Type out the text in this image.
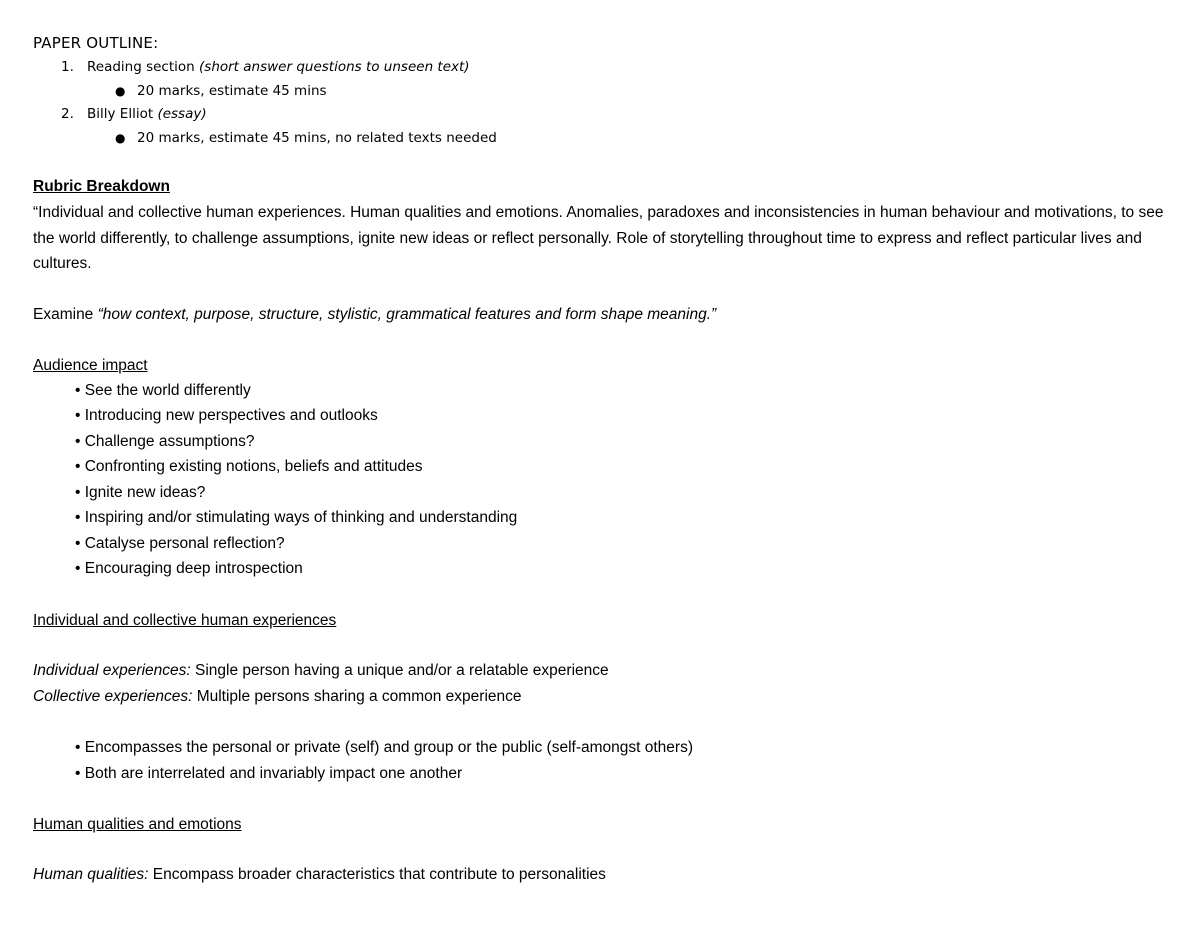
PAPER OUTLINE:
1. Reading section (short answer questions to unseen text)
● 20 marks, estimate 45 mins
2. Billy Elliot (essay)
● 20 marks, estimate 45 mins, no related texts needed
Rubric Breakdown
“Individual and collective human experiences. Human qualities and emotions. Anomalies, paradoxes and inconsistencies in human behaviour and motivations, to see the world differently, to challenge assumptions, ignite new ideas or reflect personally. Role of storytelling throughout time to express and reflect particular lives and cultures.
Examine “how context, purpose, structure, stylistic, grammatical features and form shape meaning.”
Audience impact
• See the world differently
• Introducing new perspectives and outlooks
• Challenge assumptions?
• Confronting existing notions, beliefs and attitudes
• Ignite new ideas?
• Inspiring and/or stimulating ways of thinking and understanding
• Catalyse personal reflection?
• Encouraging deep introspection
Individual and collective human experiences
Individual experiences: Single person having a unique and/or a relatable experience
Collective experiences: Multiple persons sharing a common experience
• Encompasses the personal or private (self) and group or the public (self-amongst others)
• Both are interrelated and invariably impact one another
Human qualities and emotions
Human qualities: Encompass broader characteristics that contribute to personalities
